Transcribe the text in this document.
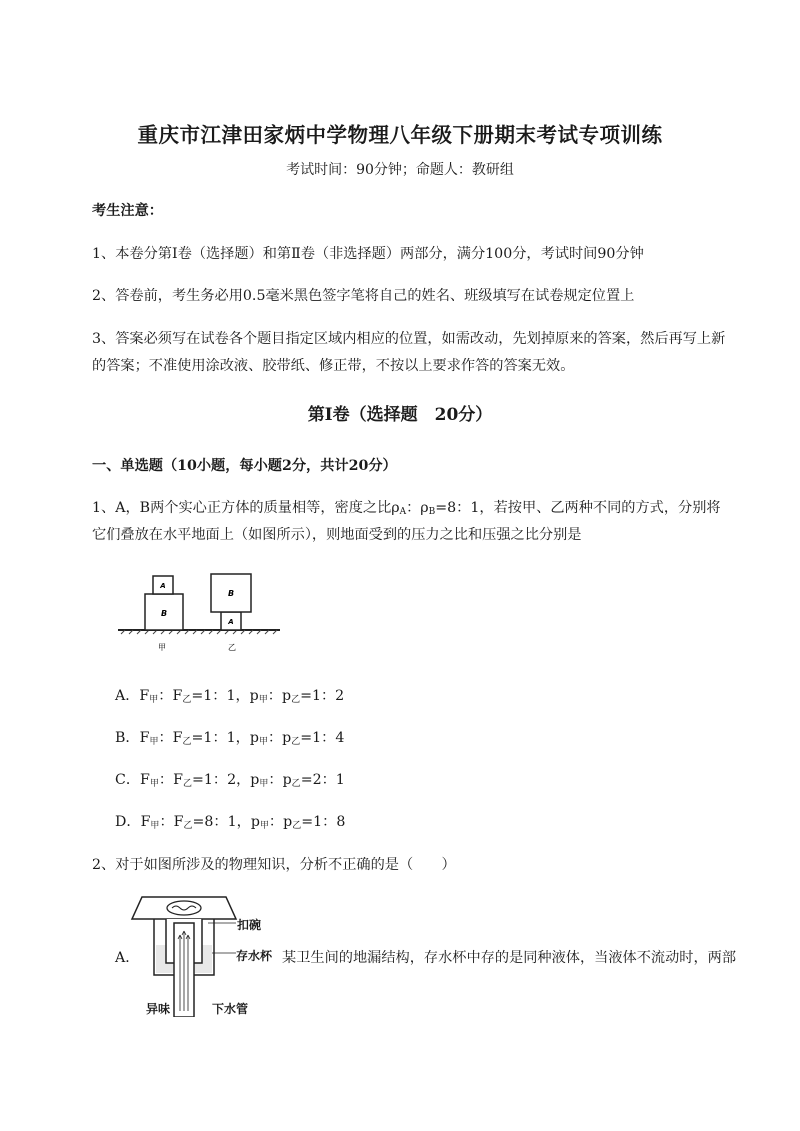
重庆市江津田家炳中学物理八年级下册期末考试专项训练
考试时间：90分钟；命题人：教研组
考生注意：
1、本卷分第I卷（选择题）和第Ⅱ卷（非选择题）两部分，满分100分，考试时间90分钟
2、答卷前，考生务必用0.5毫米黑色签字笔将自己的姓名、班级填写在试卷规定位置上
3、答案必须写在试卷各个题目指定区域内相应的位置，如需改动，先划掉原来的答案，然后再写上新
的答案；不准使用涂改液、胶带纸、修正带，不按以上要求作答的答案无效。
第I卷（选择题　20分）
一、单选题（10小题，每小题2分，共计20分）
1、A，B两个实心正方体的质量相等，密度之比$\rho_A$：$\rho_B=8$：1，若按甲、乙两种不同的方式，分别将
它们叠放在水平地面上（如图所示），则地面受到的压力之比和压强之比分别是
B
A
A
B
甲	乙
A．$F_甲$：$F_乙=1$：1，$p_甲$：$p_乙=1$：2
B．$F_甲$：$F_乙=1$：1，$p_甲$：$p_乙=1$：4
C．$F_甲$：$F_乙=1$：2，$p_甲$：$p_乙=2$：1
D．$F_甲$：$F_乙=8$：1，$p_甲$：$p_乙=1$：8
2、对于如图所涉及的物理知识，分析不正确的是（　　）
A．
扣碗
存水杯
异味	下水管
某卫生间的地漏结构，存水杯中存的是同种液体，当液体不流动时，两部
